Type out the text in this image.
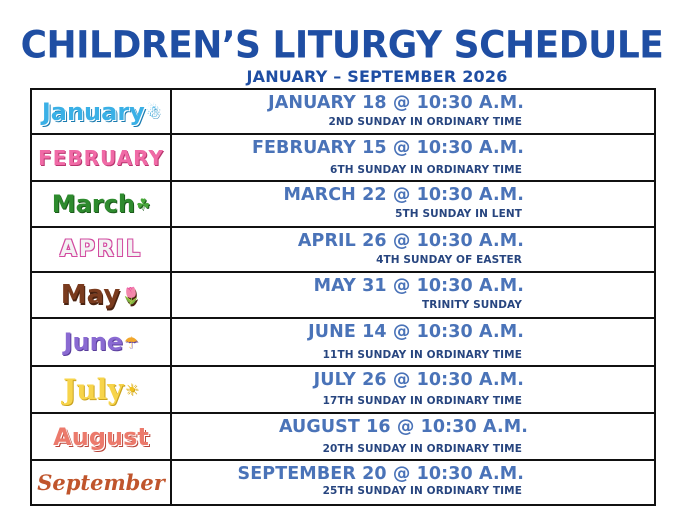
CHILDREN’S LITURGY SCHEDULE
JANUARY – SEPTEMBER 2026
January ☃	JANUARY 18 @ 10:30 A.M.
2ND SUNDAY IN ORDINARY TIME
FEBRUARY	FEBRUARY 15 @ 10:30 A.M.
6TH SUNDAY IN ORDINARY TIME
March ☘	MARCH 22 @ 10:30 A.M.
5TH SUNDAY IN LENT
APRIL	APRIL 26 @ 10:30 A.M.
4TH SUNDAY OF EASTER
May 🌷	MAY 31 @ 10:30 A.M.
TRINITY SUNDAY
June ☂	JUNE 14 @ 10:30 A.M.
11TH SUNDAY IN ORDINARY TIME
July ☀	JULY 26 @ 10:30 A.M.
17TH SUNDAY IN ORDINARY TIME
August	AUGUST 16 @ 10:30 A.M.
20TH SUNDAY IN ORDINARY TIME
September	SEPTEMBER 20 @ 10:30 A.M.
25TH SUNDAY IN ORDINARY TIME
